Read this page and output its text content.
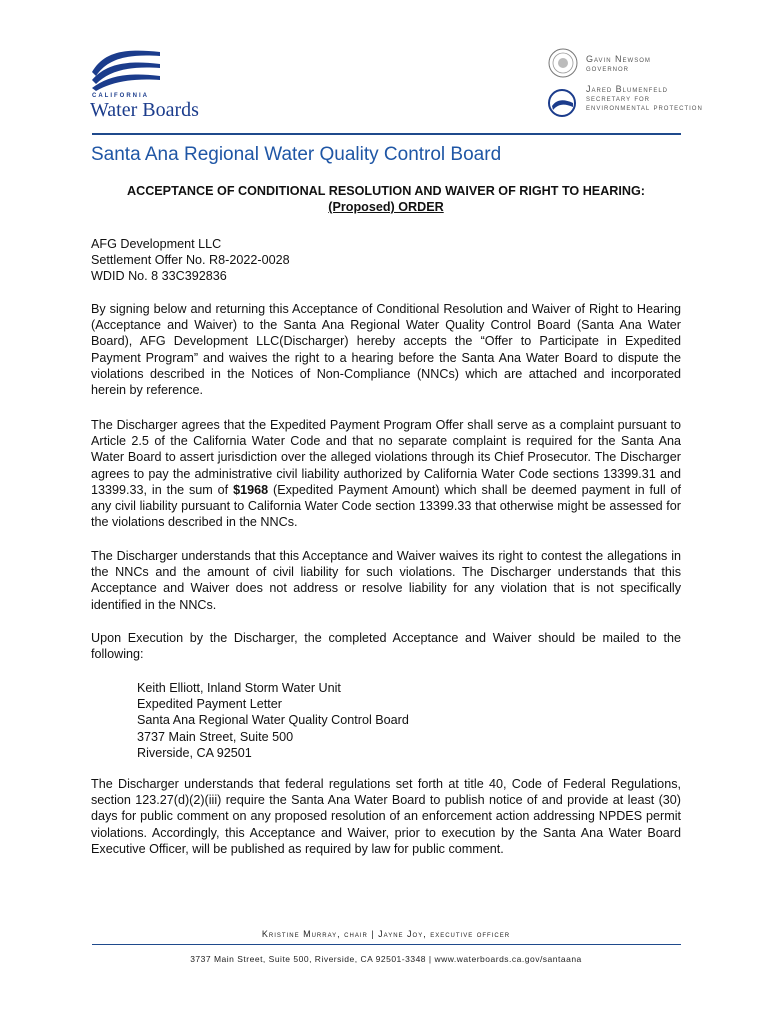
CALIFORNIA
Water Boards
Gavin Newsom
governor
Jared Blumenfeld
secretary for
environmental protection
Santa Ana Regional Water Quality Control Board
ACCEPTANCE OF CONDITIONAL RESOLUTION AND WAIVER OF RIGHT TO HEARING:
(Proposed) ORDER
AFG Development LLC
Settlement Offer No. R8-2022-0028
WDID No. 8 33C392836
By signing below and returning this Acceptance of Conditional Resolution and Waiver of Right to Hearing (Acceptance and Waiver) to the Santa Ana Regional Water Quality Control Board (Santa Ana Water Board), AFG Development LLC(Discharger) hereby accepts the “Offer to Participate in Expedited Payment Program” and waives the right to a hearing before the Santa Ana Water Board to dispute the violations described in the Notices of Non-Compliance (NNCs) which are attached and incorporated herein by reference.
The Discharger agrees that the Expedited Payment Program Offer shall serve as a complaint pursuant to Article 2.5 of the California Water Code and that no separate complaint is required for the Santa Ana Water Board to assert jurisdiction over the alleged violations through its Chief Prosecutor. The Discharger agrees to pay the administrative civil liability authorized by California Water Code sections 13399.31 and 13399.33, in the sum of $1968 (Expedited Payment Amount) which shall be deemed payment in full of any civil liability pursuant to California Water Code section 13399.33 that otherwise might be assessed for the violations described in the NNCs.
The Discharger understands that this Acceptance and Waiver waives its right to contest the allegations in the NNCs and the amount of civil liability for such violations. The Discharger understands that this Acceptance and Waiver does not address or resolve liability for any violation that is not specifically identified in the NNCs.
Upon Execution by the Discharger, the completed Acceptance and Waiver should be mailed to the following:
Keith Elliott, Inland Storm Water Unit
Expedited Payment Letter
Santa Ana Regional Water Quality Control Board
3737 Main Street, Suite 500
Riverside, CA 92501
The Discharger understands that federal regulations set forth at title 40, Code of Federal Regulations, section 123.27(d)(2)(iii) require the Santa Ana Water Board to publish notice of and provide at least (30) days for public comment on any proposed resolution of an enforcement action addressing NPDES permit violations. Accordingly, this Acceptance and Waiver, prior to execution by the Santa Ana Water Board Executive Officer, will be published as required by law for public comment.
Kristine Murray, chair | Jayne Joy, executive officer
3737 Main Street, Suite 500, Riverside, CA 92501-3348 | www.waterboards.ca.gov/santaana
